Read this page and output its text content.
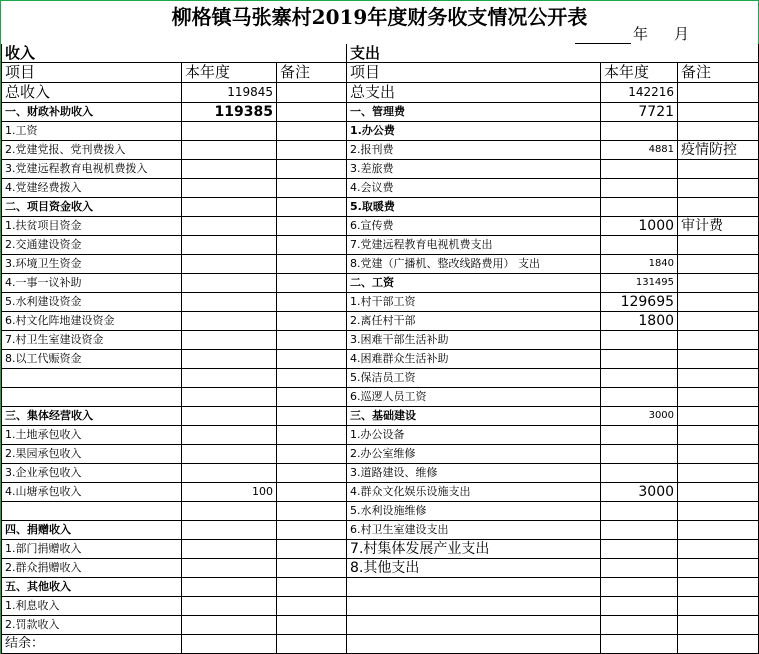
柳格镇马张寨村2019年度财务收支情况公开表
年 月
收入			支出		
项目	本年度	备注	项目	本年度	备注
总收入	119845		总支出	142216	
一、财政补助收入	119385		一、管理费	7721	
1.工资			1.办公费		
2.党建党报、党刊费拨入			2.报刊费	4881	疫情防控
3.党建远程教育电视机费拨入			3.差旅费		
4.党建经费拨入			4.会议费		
二、项目资金收入			5.取暖费		
1.扶贫项目资金			6.宣传费	1000	审计费
2.交通建设资金			7.党建远程教育电视机费支出		
3.环境卫生资金			8.党建（广播机、整改线路费用） 支出	1840	
4.一事一议补助			二、工资	131495	
5.水利建设资金			1.村干部工资	129695	
6.村文化阵地建设资金			2.离任村干部	1800	
7.村卫生室建设资金			3.困难干部生活补助		
8.以工代赈资金			4.困难群众生活补助		
			5.保洁员工资		
			6.巡逻人员工资		
三、集体经营收入			三、基础建设	3000	
1.土地承包收入			1.办公设备		
2.果园承包收入			2.办公室维修		
3.企业承包收入			3.道路建设、维修		
4.山塘承包收入	100		4.群众文化娱乐设施支出	3000	
			5.水利设施维修		
四、捐赠收入			6.村卫生室建设支出		
1.部门捐赠收入			7.村集体发展产业支出		
2.群众捐赠收入			8.其他支出		
五、其他收入					
1.利息收入					
2.罚款收入					
结余：					
